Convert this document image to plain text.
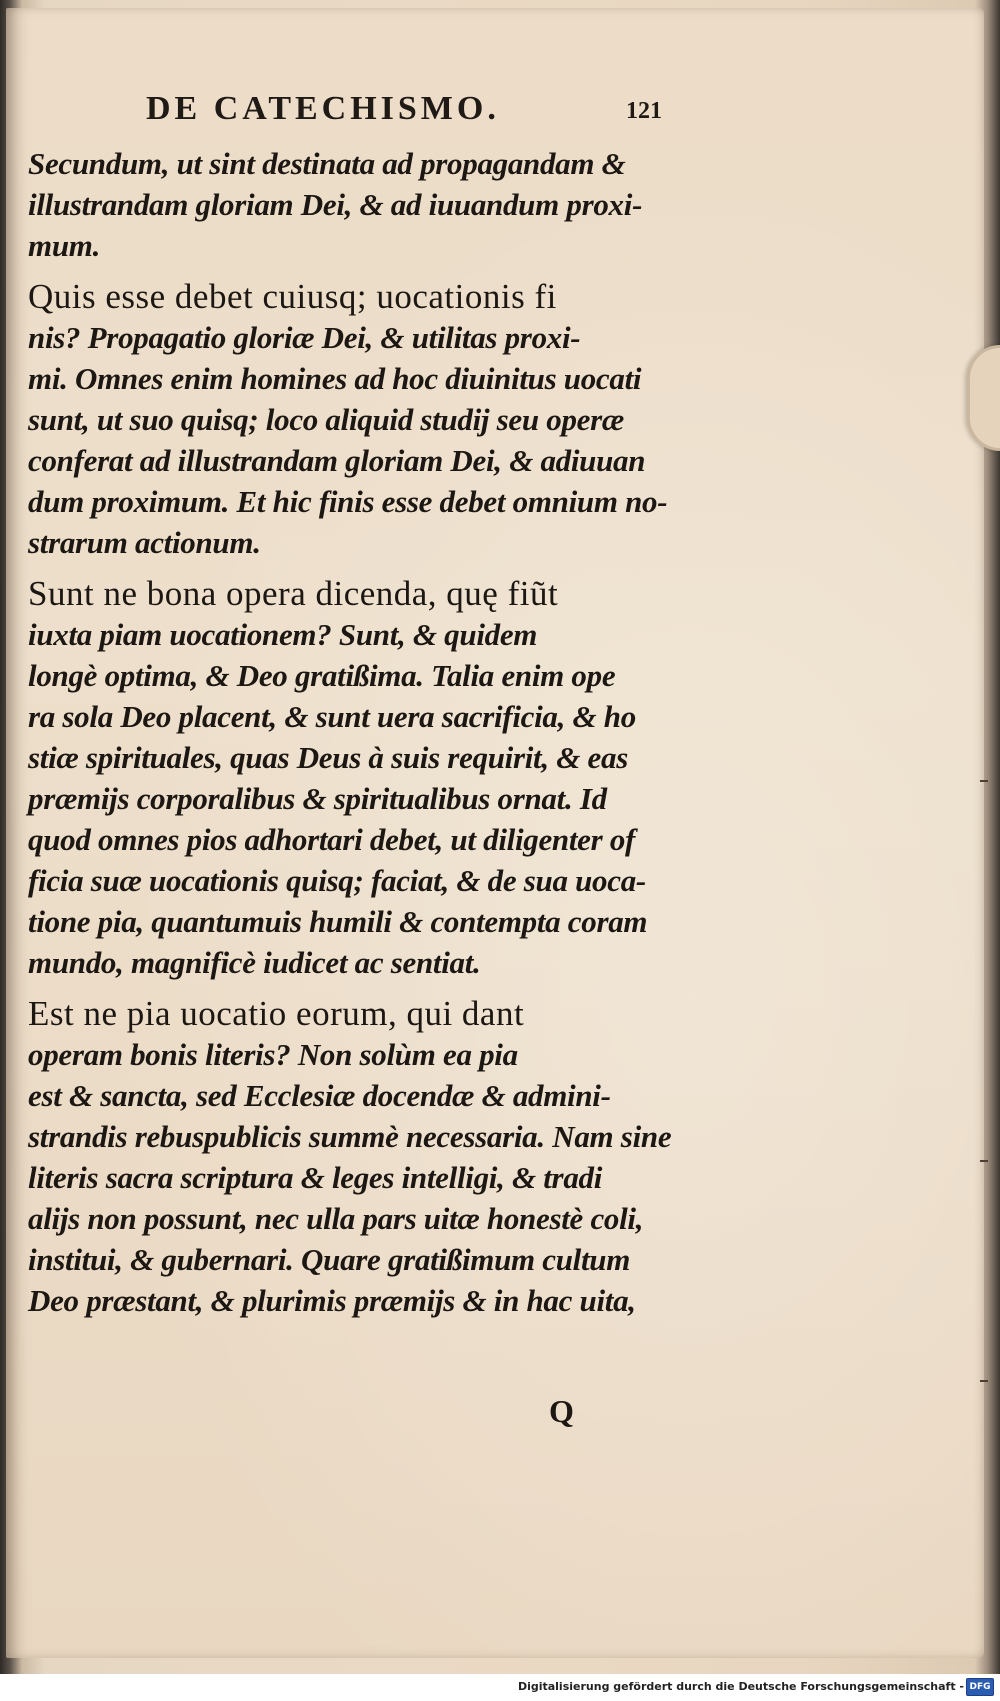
DE CATECHISMO.	121
Secundum, ut sint destinata ad propagandam &
illustrandam gloriam Dei, & ad iuuandum proxi-
mum.
Quis esse debet cuiusq; uocationis fi
nis? Propagatio gloriæ Dei, & utilitas proxi-
mi. Omnes enim homines ad hoc diuinitus uocati
sunt, ut suo quisq; loco aliquid studij seu operæ
conferat ad illustrandam gloriam Dei, & adiuuan
dum proximum. Et hic finis esse debet omnium no-
strarum actionum.
Sunt ne bona opera dicenda, quę fiũt
iuxta piam uocationem? Sunt, & quidem
longè optima, & Deo gratißima. Talia enim ope
ra sola Deo placent, & sunt uera sacrificia, & ho
stiæ spirituales, quas Deus à suis requirit, & eas
præmijs corporalibus & spiritualibus ornat. Id
quod omnes pios adhortari debet, ut diligenter of
ficia suæ uocationis quisq; faciat, & de sua uoca-
tione pia, quantumuis humili & contempta coram
mundo, magnificè iudicet ac sentiat.
Est ne pia uocatio eorum, qui dant
operam bonis literis? Non solùm ea pia
est & sancta, sed Ecclesiæ docendæ & admini-
strandis rebuspublicis summè necessaria. Nam sine
literis sacra scriptura & leges intelligi, & tradi
alijs non possunt, nec ulla pars uitæ honestè coli,
institui, & gubernari. Quare gratißimum cultum
Deo præstant, & plurimis præmijs & in hac uita,
Q
Digitalisierung gefördert durch die Deutsche Forschungsgemeinschaft - DFG
